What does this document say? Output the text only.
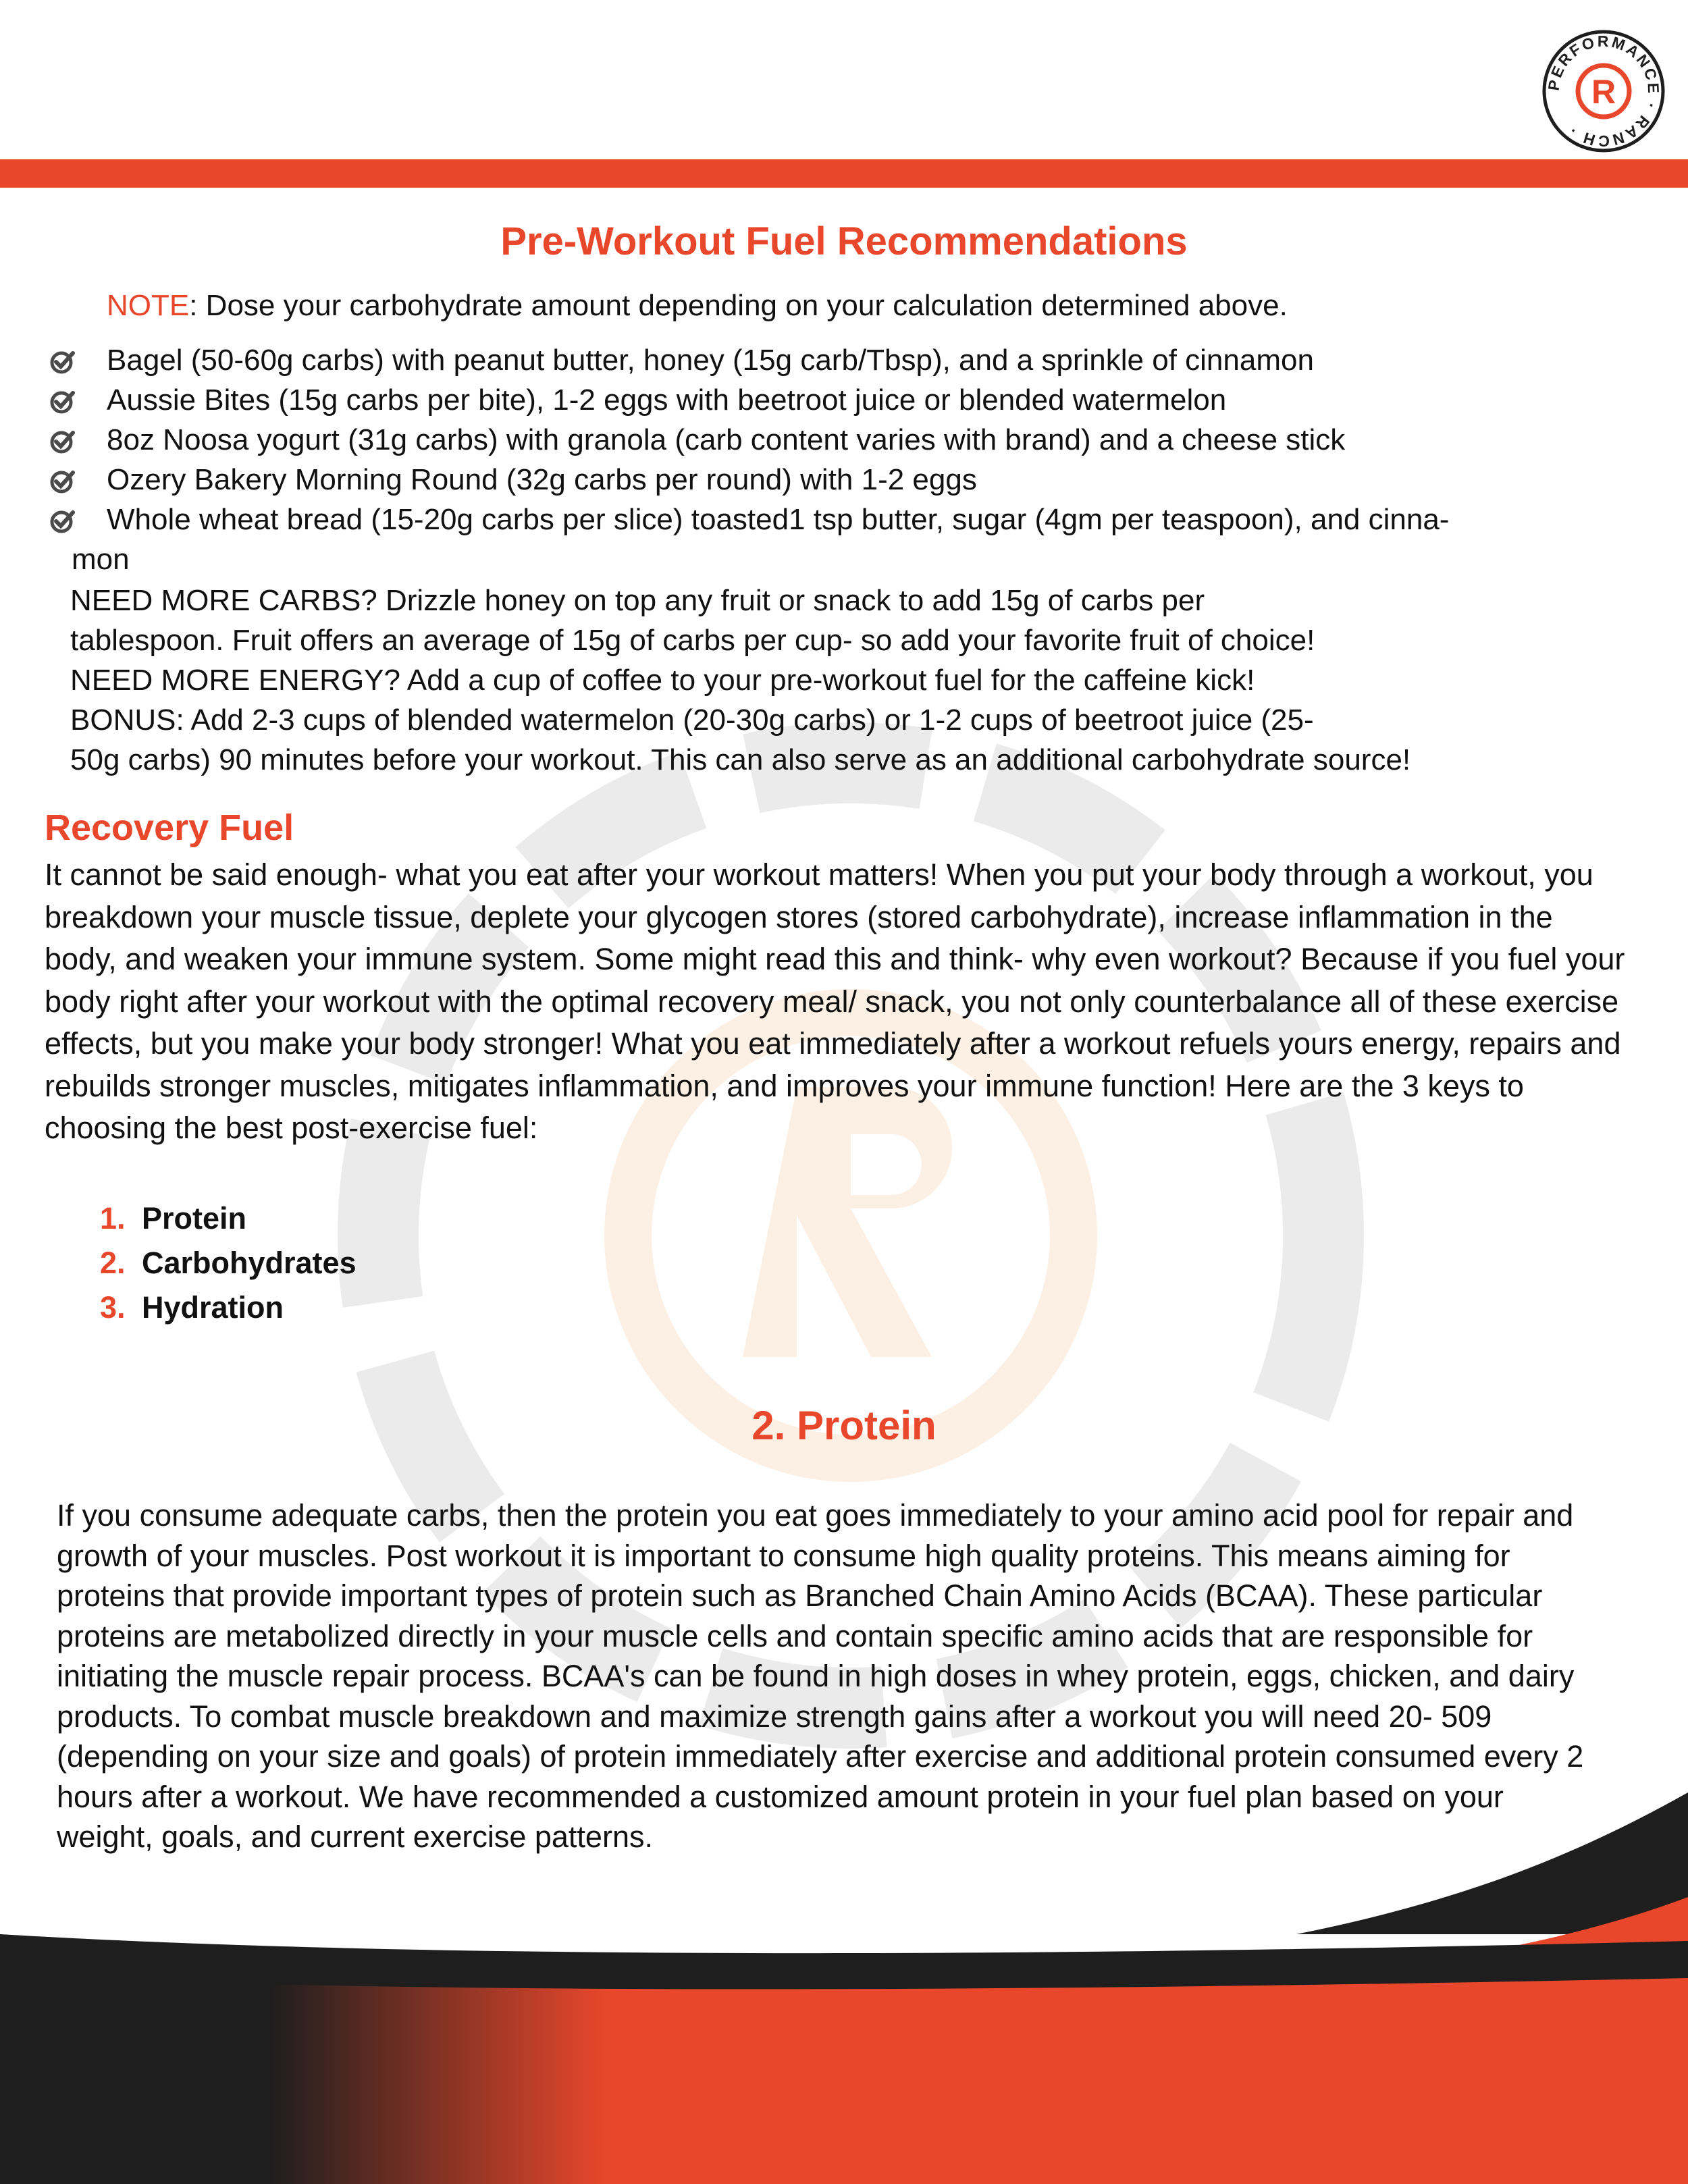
PERFORMANCE · RANCH ·
R
Pre-Workout Fuel Recommendations
NOTE: Dose your carbohydrate amount depending on your calculation determined above.
Bagel (50-60g carbs) with peanut butter, honey (15g carb/Tbsp), and a sprinkle of cinnamon
Aussie Bites (15g carbs per bite), 1-2 eggs with beetroot juice or blended watermelon
8oz Noosa yogurt (31g carbs) with granola (carb content varies with brand) and a cheese stick
Ozery Bakery Morning Round (32g carbs per round) with 1-2 eggs
Whole wheat bread (15-20g carbs per slice) toasted1 tsp butter, sugar (4gm per teaspoon), and cinna-
mon

NEED MORE CARBS? Drizzle honey on top any fruit or snack to add 15g of carbs per

tablespoon. Fruit offers an average of 15g of carbs per cup- so add your favorite fruit of choice!

NEED MORE ENERGY? Add a cup of coffee to your pre-workout fuel for the caffeine kick!

BONUS: Add 2-3 cups of blended watermelon (20-30g carbs) or 1-2 cups of beetroot juice (25-

50g carbs) 90 minutes before your workout. This can also serve as an additional carbohydrate source!

Recovery Fuel

It cannot be said enough- what you eat after your workout matters! When you put your body through a workout, you breakdown your muscle tissue, deplete your glycogen stores (stored carbohydrate), increase inflammation in the body, and weaken your immune system. Some might read this and think- why even workout? Because if you fuel your body right after your workout with the optimal recovery meal/ snack, you not only counterbalance all of these exercise effects, but you make your body stronger! What you eat immediately after a workout refuels yours energy, repairs and rebuilds stronger muscles, mitigates inflammation, and improves your immune function! Here are the 3 keys to choosing the best post-exercise fuel:

1. Protein
2. Carbohydrates
3. Hydration
2. Protein

If you consume adequate carbs, then the protein you eat goes immediately to your amino acid pool for repair and growth of your muscles. Post workout it is important to consume high quality proteins. This means aiming for proteins that provide important types of protein such as Branched Chain Amino Acids (BCAA). These particular proteins are metabolized directly in your muscle cells and contain specific amino acids that are responsible for initiating the muscle repair process. BCAA's can be found in high doses in whey protein, eggs, chicken, and dairy products. To combat muscle breakdown and maximize strength gains after a workout you will need 20- 509 (depending on your size and goals) of protein immediately after exercise and additional protein consumed every 2 hours after a workout. We have recommended a customized amount protein in your fuel plan based on your weight, goals, and current exercise patterns.
